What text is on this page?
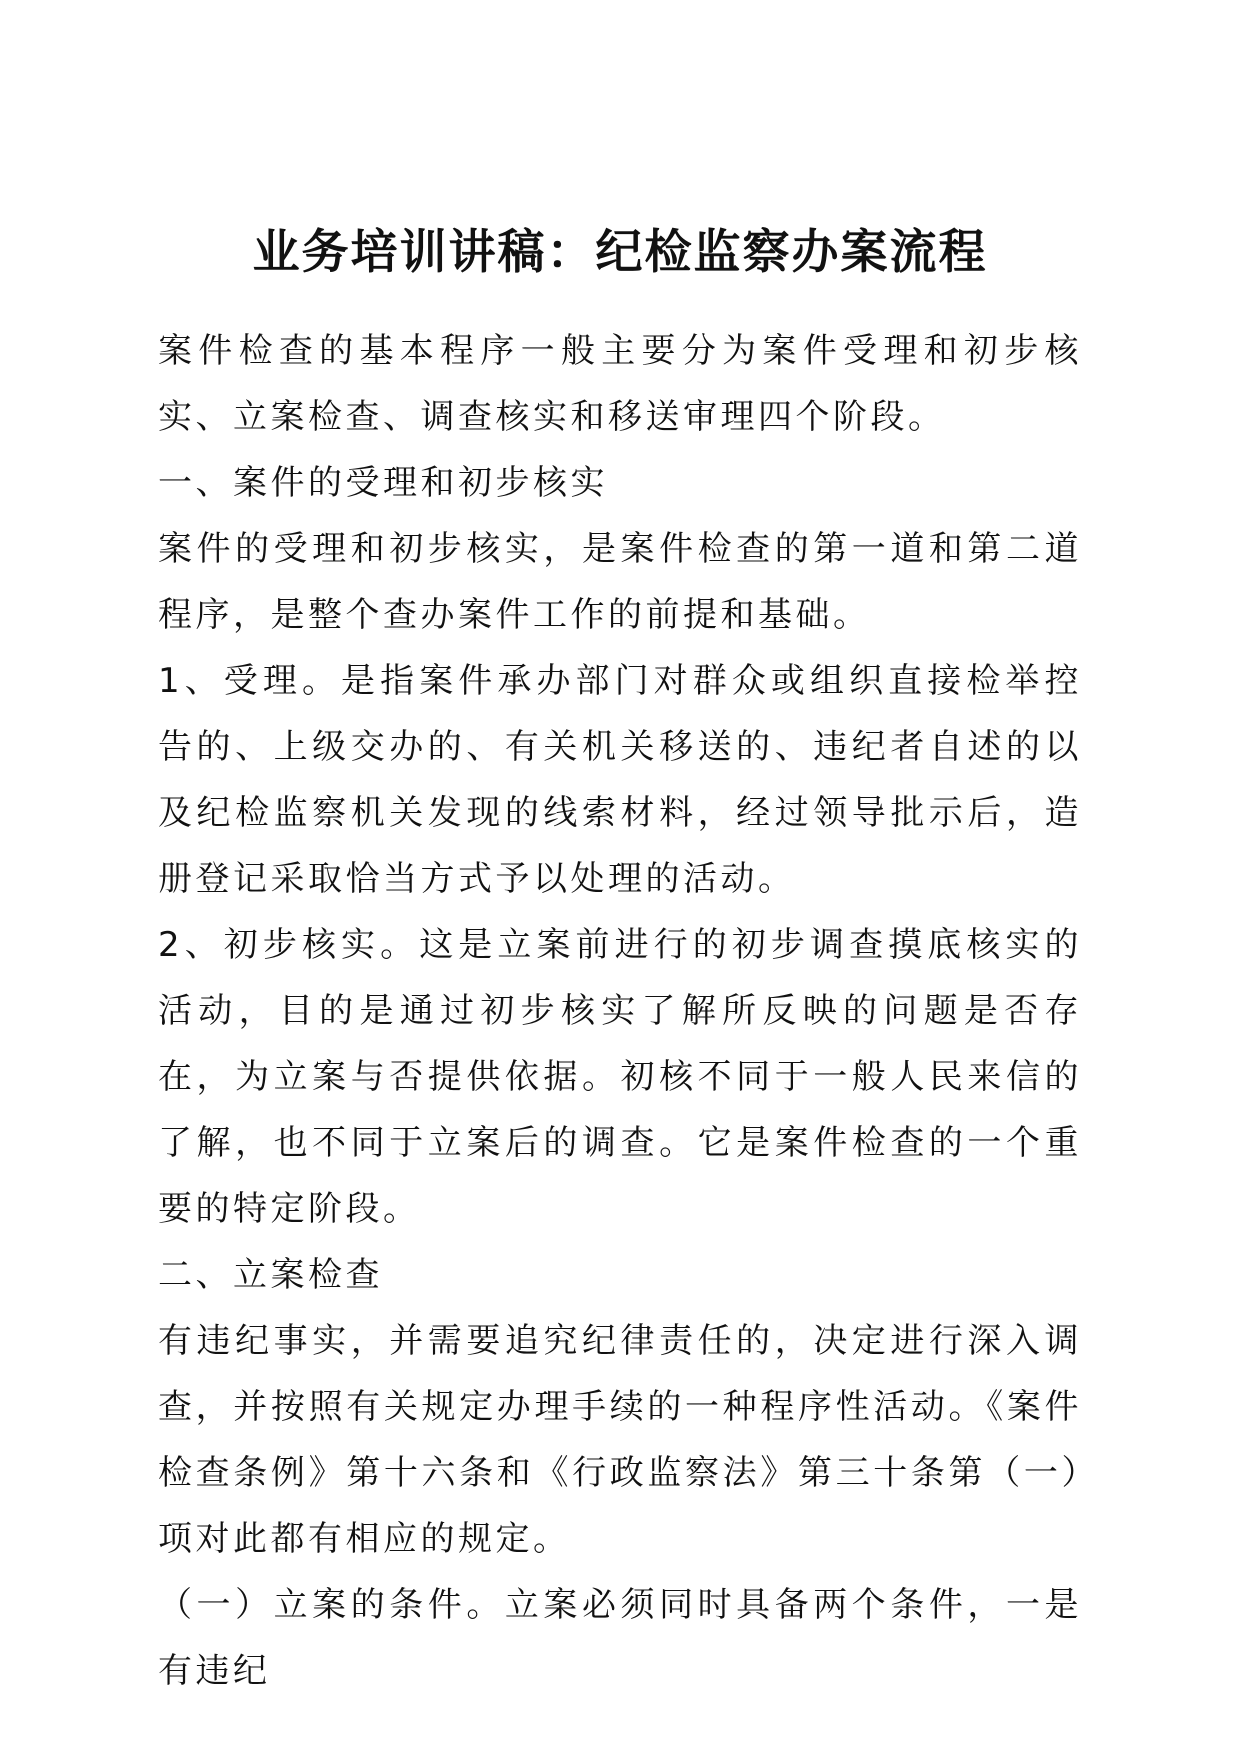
业务培训讲稿：纪检监察办案流程

案件检查的基本程序一般主要分为案件受理和初步核实、立案检查、调查核实和移送审理四个阶段。

一、案件的受理和初步核实

案件的受理和初步核实，是案件检查的第一道和第二道程序，是整个查办案件工作的前提和基础。

1、受理。是指案件承办部门对群众或组织直接检举控告的、上级交办的、有关机关移送的、违纪者自述的以及纪检监察机关发现的线索材料，经过领导批示后，造册登记采取恰当方式予以处理的活动。

2、初步核实。这是立案前进行的初步调查摸底核实的活动，目的是通过初步核实了解所反映的问题是否存在，为立案与否提供依据。初核不同于一般人民来信的了解，也不同于立案后的调查。它是案件检查的一个重要的特定阶段。

二、立案检查

有违纪事实，并需要追究纪律责任的，决定进行深入调查，并按照有关规定办理手续的一种程序性活动。《案件检查条例》第十六条和《行政监察法》第三十条第（一）项对此都有相应的规定。

（一）立案的条件。立案必须同时具备两个条件，一是有违纪
